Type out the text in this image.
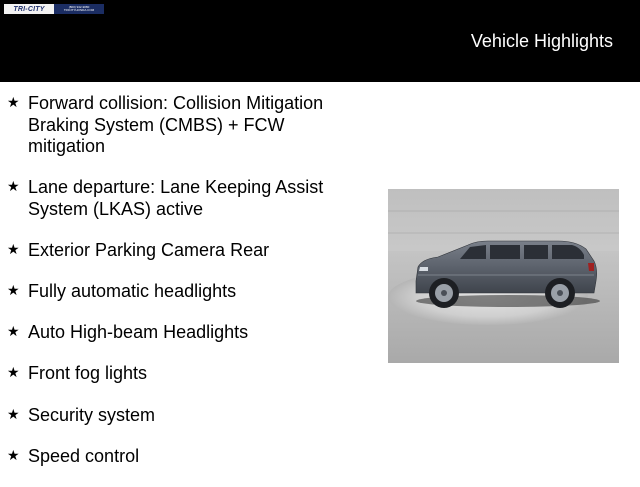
TRI-CITY	(800) 942-9080
TRICITYHONDA.COM
Vehicle Highlights
★ Forward collision: Collision Mitigation Braking System (CMBS) + FCW mitigation
★ Lane departure: Lane Keeping Assist System (LKAS) active
★ Exterior Parking Camera Rear
★ Fully automatic headlights
★ Auto High-beam Headlights
★ Front fog lights
★ Security system
★ Speed control
